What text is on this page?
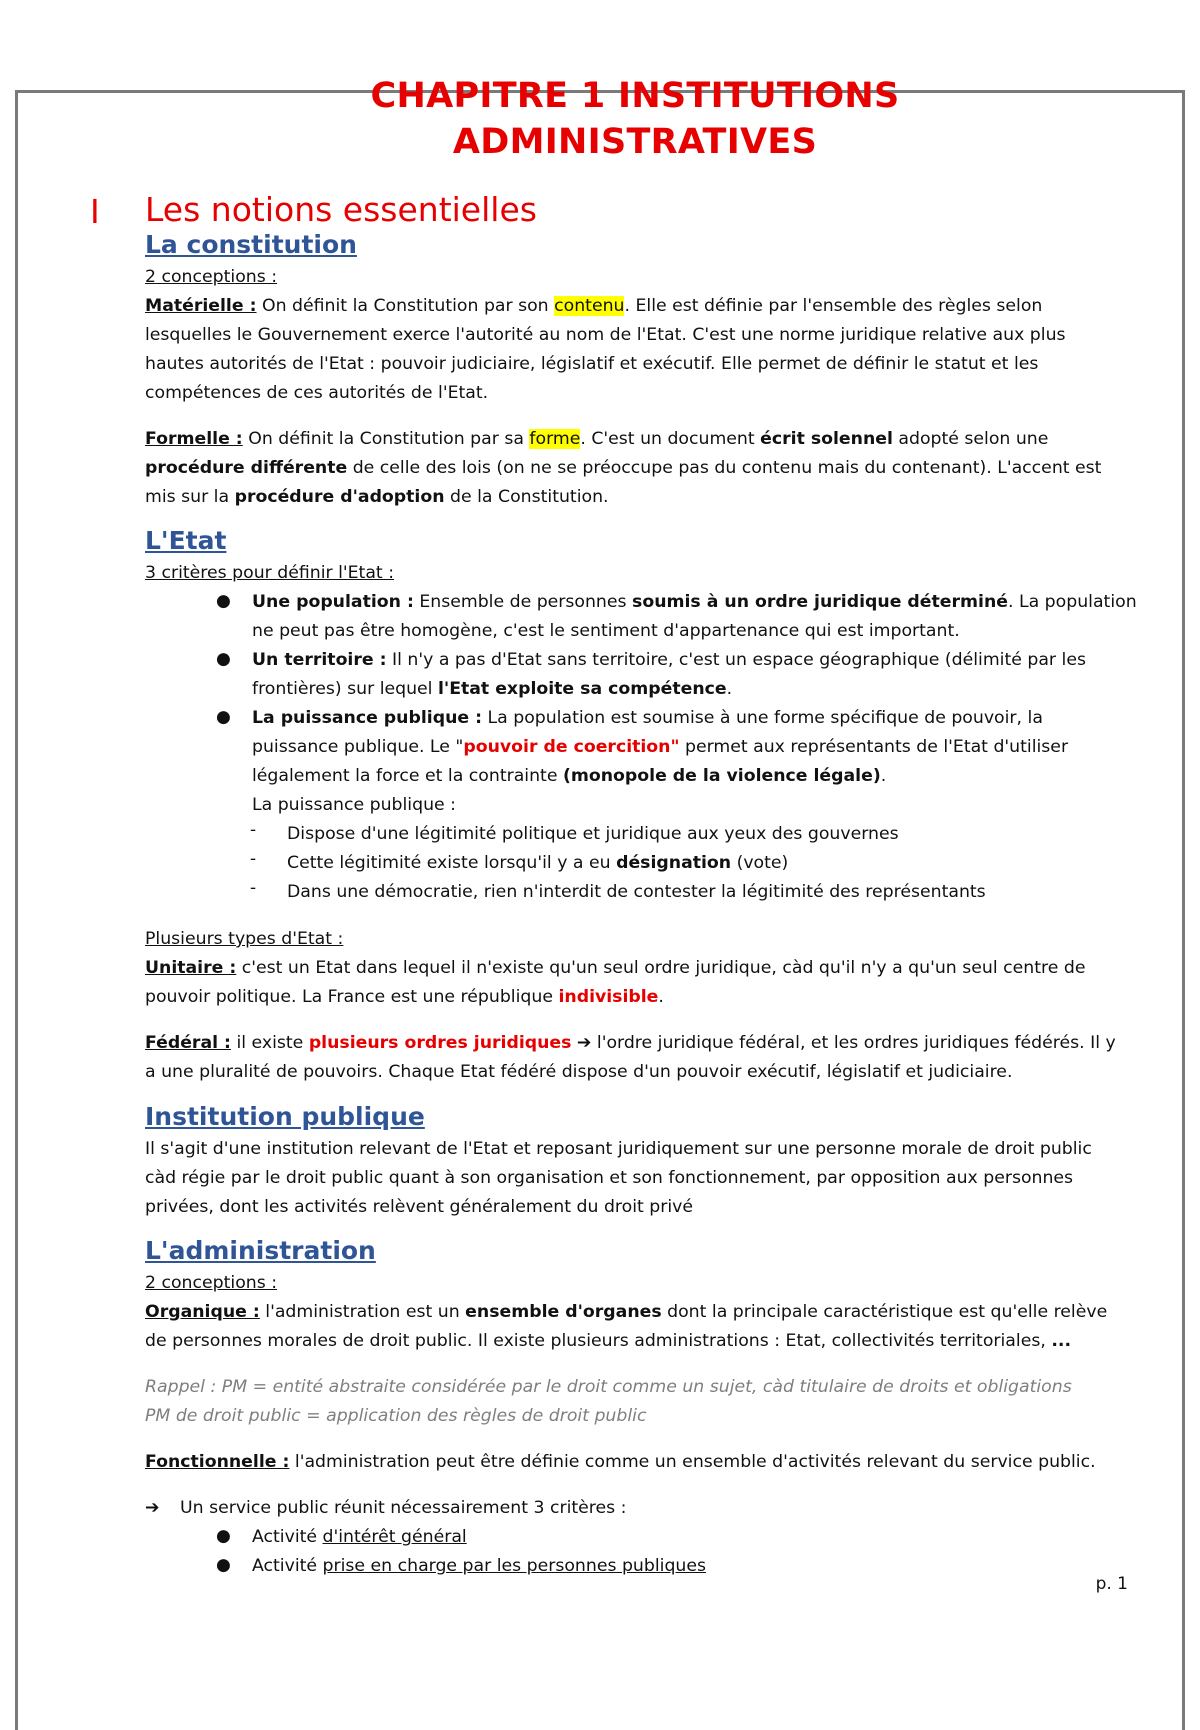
CHAPITRE 1 INSTITUTIONS
ADMINISTRATIVES
I Les notions essentielles
La constitution
2 conceptions :
Matérielle : On définit la Constitution par son contenu. Elle est définie par l'ensemble des règles selon
lesquelles le Gouvernement exerce l'autorité au nom de l'Etat. C'est une norme juridique relative aux plus
hautes autorités de l'Etat : pouvoir judiciaire, législatif et exécutif. Elle permet de définir le statut et les
compétences de ces autorités de l'Etat.
Formelle : On définit la Constitution par sa forme. C'est un document écrit solennel adopté selon une
procédure différente de celle des lois (on ne se préoccupe pas du contenu mais du contenant). L'accent est
mis sur la procédure d'adoption de la Constitution.
L'Etat
3 critères pour définir l'Etat :
● Une population : Ensemble de personnes soumis à un ordre juridique déterminé. La population
ne peut pas être homogène, c'est le sentiment d'appartenance qui est important.
● Un territoire : Il n'y a pas d'Etat sans territoire, c'est un espace géographique (délimité par les
frontières) sur lequel l'Etat exploite sa compétence.
● La puissance publique : La population est soumise à une forme spécifique de pouvoir, la
puissance publique. Le "pouvoir de coercition" permet aux représentants de l'Etat d'utiliser
légalement la force et la contrainte (monopole de la violence légale).
La puissance publique :
- Dispose d'une légitimité politique et juridique aux yeux des gouvernes
- Cette légitimité existe lorsqu'il y a eu désignation (vote)
- Dans une démocratie, rien n'interdit de contester la légitimité des représentants
Plusieurs types d'Etat :
Unitaire : c'est un Etat dans lequel il n'existe qu'un seul ordre juridique, càd qu'il n'y a qu'un seul centre de
pouvoir politique. La France est une république indivisible.
Fédéral : il existe plusieurs ordres juridiques ➔ l'ordre juridique fédéral, et les ordres juridiques fédérés. Il y
a une pluralité de pouvoirs. Chaque Etat fédéré dispose d'un pouvoir exécutif, législatif et judiciaire.
Institution publique
Il s'agit d'une institution relevant de l'Etat et reposant juridiquement sur une personne morale de droit public
càd régie par le droit public quant à son organisation et son fonctionnement, par opposition aux personnes
privées, dont les activités relèvent généralement du droit privé
L'administration
2 conceptions :
Organique : l'administration est un ensemble d'organes dont la principale caractéristique est qu'elle relève
de personnes morales de droit public. Il existe plusieurs administrations : Etat, collectivités territoriales, ...
Rappel : PM = entité abstraite considérée par le droit comme un sujet, càd titulaire de droits et obligations
PM de droit public = application des règles de droit public
Fonctionnelle : l'administration peut être définie comme un ensemble d'activités relevant du service public.
➔ Un service public réunit nécessairement 3 critères :
● Activité d'intérêt général
● Activité prise en charge par les personnes publiques
p. 1
